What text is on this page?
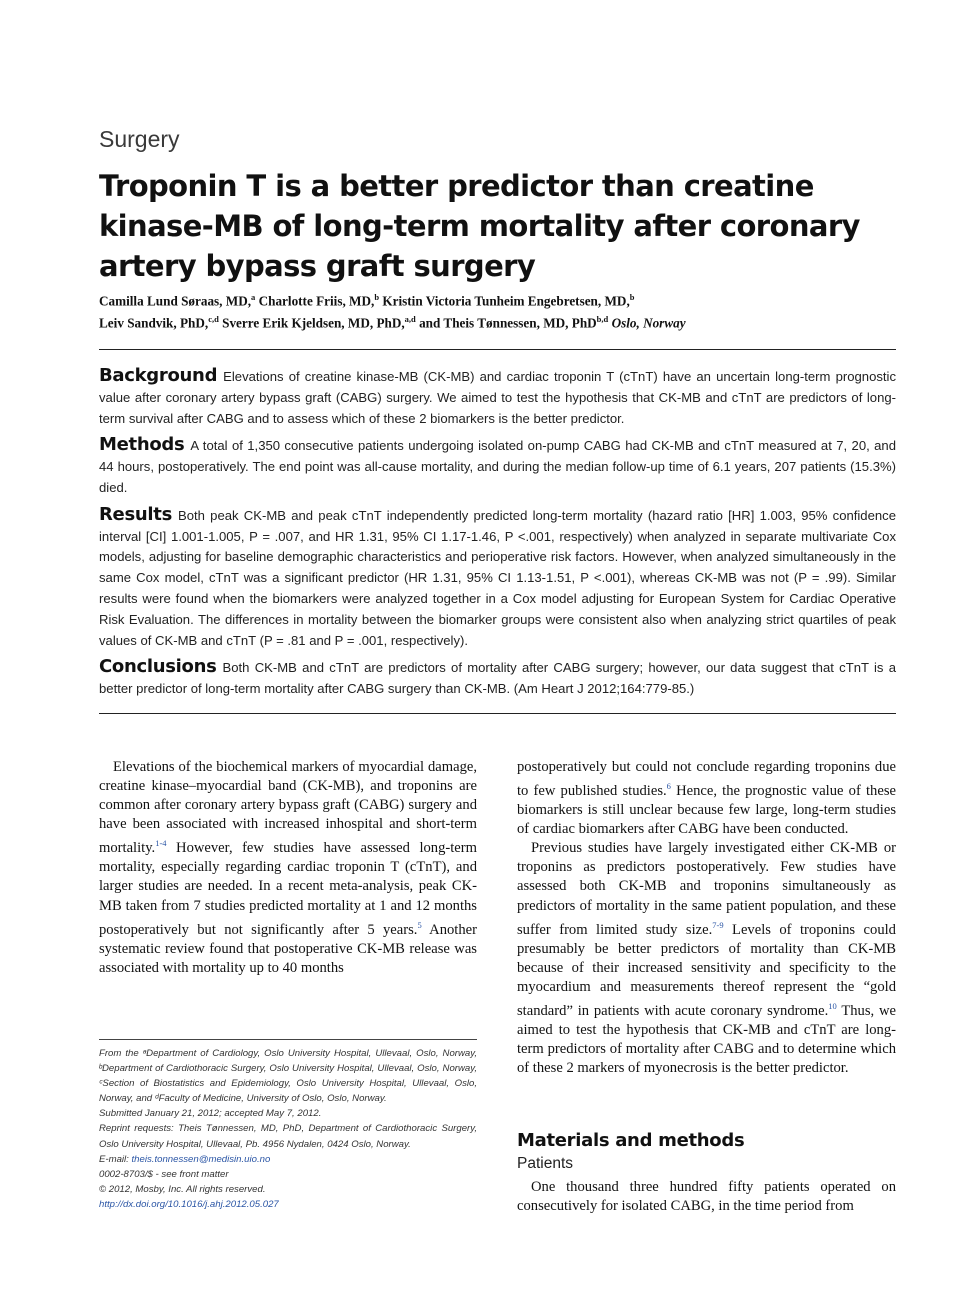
Surgery
Troponin T is a better predictor than creatine kinase-MB of long-term mortality after coronary artery bypass graft surgery
Camilla Lund Søraas, MD,$^a$ Charlotte Friis, MD,$^b$ Kristin Victoria Tunheim Engebretsen, MD,$^b$
Leiv Sandvik, PhD,$^{c,d}$ Sverre Erik Kjeldsen, MD, PhD,$^{a,d}$ and Theis Tønnessen, MD, PhD$^{b,d}$ Oslo, Norway

Background Elevations of creatine kinase-MB (CK-MB) and cardiac troponin T (cTnT) have an uncertain long-term prognostic value after coronary artery bypass graft (CABG) surgery. We aimed to test the hypothesis that CK-MB and cTnT are predictors of long-term survival after CABG and to assess which of these 2 biomarkers is the better predictor.

Methods A total of 1,350 consecutive patients undergoing isolated on-pump CABG had CK-MB and cTnT measured at 7, 20, and 44 hours, postoperatively. The end point was all-cause mortality, and during the median follow-up time of 6.1 years, 207 patients (15.3%) died.

Results Both peak CK-MB and peak cTnT independently predicted long-term mortality (hazard ratio [HR] 1.003, 95% confidence interval [CI] 1.001-1.005, P = .007, and HR 1.31, 95% CI 1.17-1.46, P <.001, respectively) when analyzed in separate multivariate Cox models, adjusting for baseline demographic characteristics and perioperative risk factors. However, when analyzed simultaneously in the same Cox model, cTnT was a significant predictor (HR 1.31, 95% CI 1.13-1.51, P <.001), whereas CK-MB was not (P = .99). Similar results were found when the biomarkers were analyzed together in a Cox model adjusting for European System for Cardiac Operative Risk Evaluation. The differences in mortality between the biomarker groups were consistent also when analyzing strict quartiles of peak values of CK-MB and cTnT (P = .81 and P = .001, respectively).

Conclusions Both CK-MB and cTnT are predictors of mortality after CABG surgery; however, our data suggest that cTnT is a better predictor of long-term mortality after CABG surgery than CK-MB. (Am Heart J 2012;164:779-85.)

Elevations of the biochemical markers of myocardial damage, creatine kinase–myocardial band (CK-MB), and troponins are common after coronary artery bypass graft (CABG) surgery and have been associated with increased inhospital and short-term mortality.$^{1-4}$ However, few studies have assessed long-term mortality, especially regarding cardiac troponin T (cTnT), and larger studies are needed. In a recent meta-analysis, peak CK-MB taken from 7 studies predicted mortality at 1 and 12 months postoperatively but not significantly after 5 years.$^5$ Another systematic review found that postoperative CK-MB release was associated with mortality up to 40 months

From the ᵃDepartment of Cardiology, Oslo University Hospital, Ullevaal, Oslo, Norway, ᵇDepartment of Cardiothoracic Surgery, Oslo University Hospital, Ullevaal, Oslo, Norway, ᶜSection of Biostatistics and Epidemiology, Oslo University Hospital, Ullevaal, Oslo, Norway, and ᵈFaculty of Medicine, University of Oslo, Oslo, Norway.
Submitted January 21, 2012; accepted May 7, 2012.
Reprint requests: Theis Tønnessen, MD, PhD, Department of Cardiothoracic Surgery, Oslo University Hospital, Ullevaal, Pb. 4956 Nydalen, 0424 Oslo, Norway.
E-mail: theis.tonnessen@medisin.uio.no
0002-8703/$ - see front matter
© 2012, Mosby, Inc. All rights reserved.
http://dx.doi.org/10.1016/j.ahj.2012.05.027

postoperatively but could not conclude regarding troponins due to few published studies.$^6$ Hence, the prognostic value of these biomarkers is still unclear because few large, long-term studies of cardiac biomarkers after CABG have been conducted.

Previous studies have largely investigated either CK-MB or troponins as predictors postoperatively. Few studies have assessed both CK-MB and troponins simultaneously as predictors of mortality in the same patient population, and these suffer from limited study size.$^{7-9}$ Levels of troponins could presumably be better predictors of mortality than CK-MB because of their increased sensitivity and specificity to the myocardium and measurements thereof represent the “gold standard” in patients with acute coronary syndrome.$^{10}$ Thus, we aimed to test the hypothesis that CK-MB and cTnT are long-term predictors of mortality after CABG and to determine which of these 2 markers of myonecrosis is the better predictor.

Materials and methods
Patients

One thousand three hundred fifty patients operated on consecutively for isolated CABG, in the time period from
